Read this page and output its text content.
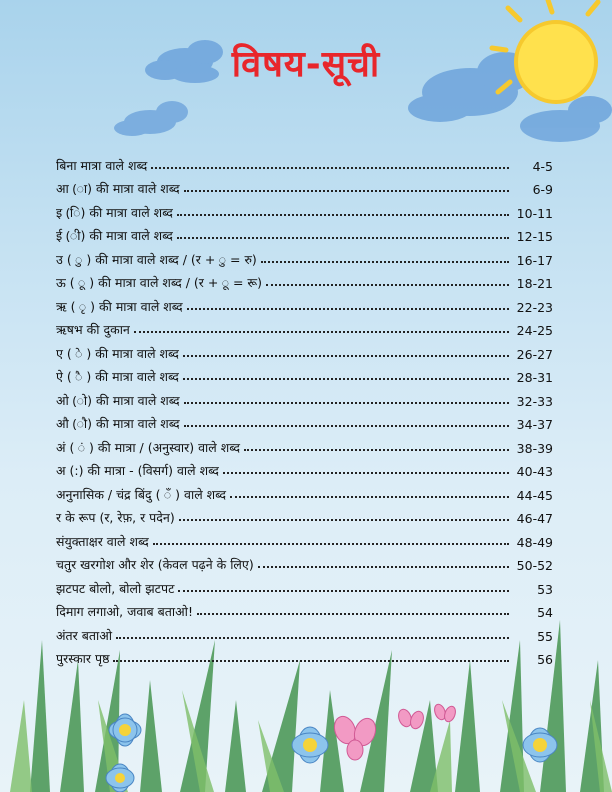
विषय-सूची
बिना मात्रा वाले शब्द	4-5
आ (ा) की मात्रा वाले शब्द	6-9
इ (ि) की मात्रा वाले शब्द	10-11
ई (ी) की मात्रा वाले शब्द	12-15
उ ( ु ) की मात्रा वाले शब्द / (र + ु = रु)	16-17
ऊ ( ू ) की मात्रा वाले शब्द / (र + ू = रू)	18-21
ऋ ( ृ ) की मात्रा वाले शब्द	22-23
ऋषभ की दुकान	24-25
ए ( े ) की मात्रा वाले शब्द	26-27
ऐ ( ै ) की मात्रा वाले शब्द	28-31
ओ (ो) की मात्रा वाले शब्द	32-33
औ (ौ) की मात्रा वाले शब्द	34-37
अं ( ं ) की मात्रा / (अनुस्वार) वाले शब्द	38-39
अ (:) की मात्रा - (विसर्ग) वाले शब्द	40-43
अनुनासिक / चंद्र बिंदु ( ँ ) वाले शब्द	44-45
र के रूप (र, रेफ़, र पदेन)	46-47
संयुक्ताक्षर वाले शब्द	48-49
चतुर खरगोश और शेर (केवल पढ़ने के लिए)	50-52
झटपट बोलो, बोलो झटपट	53
दिमाग लगाओ, जवाब बताओ!	54
अंतर बताओ	55
पुरस्कार पृष्ठ	56
